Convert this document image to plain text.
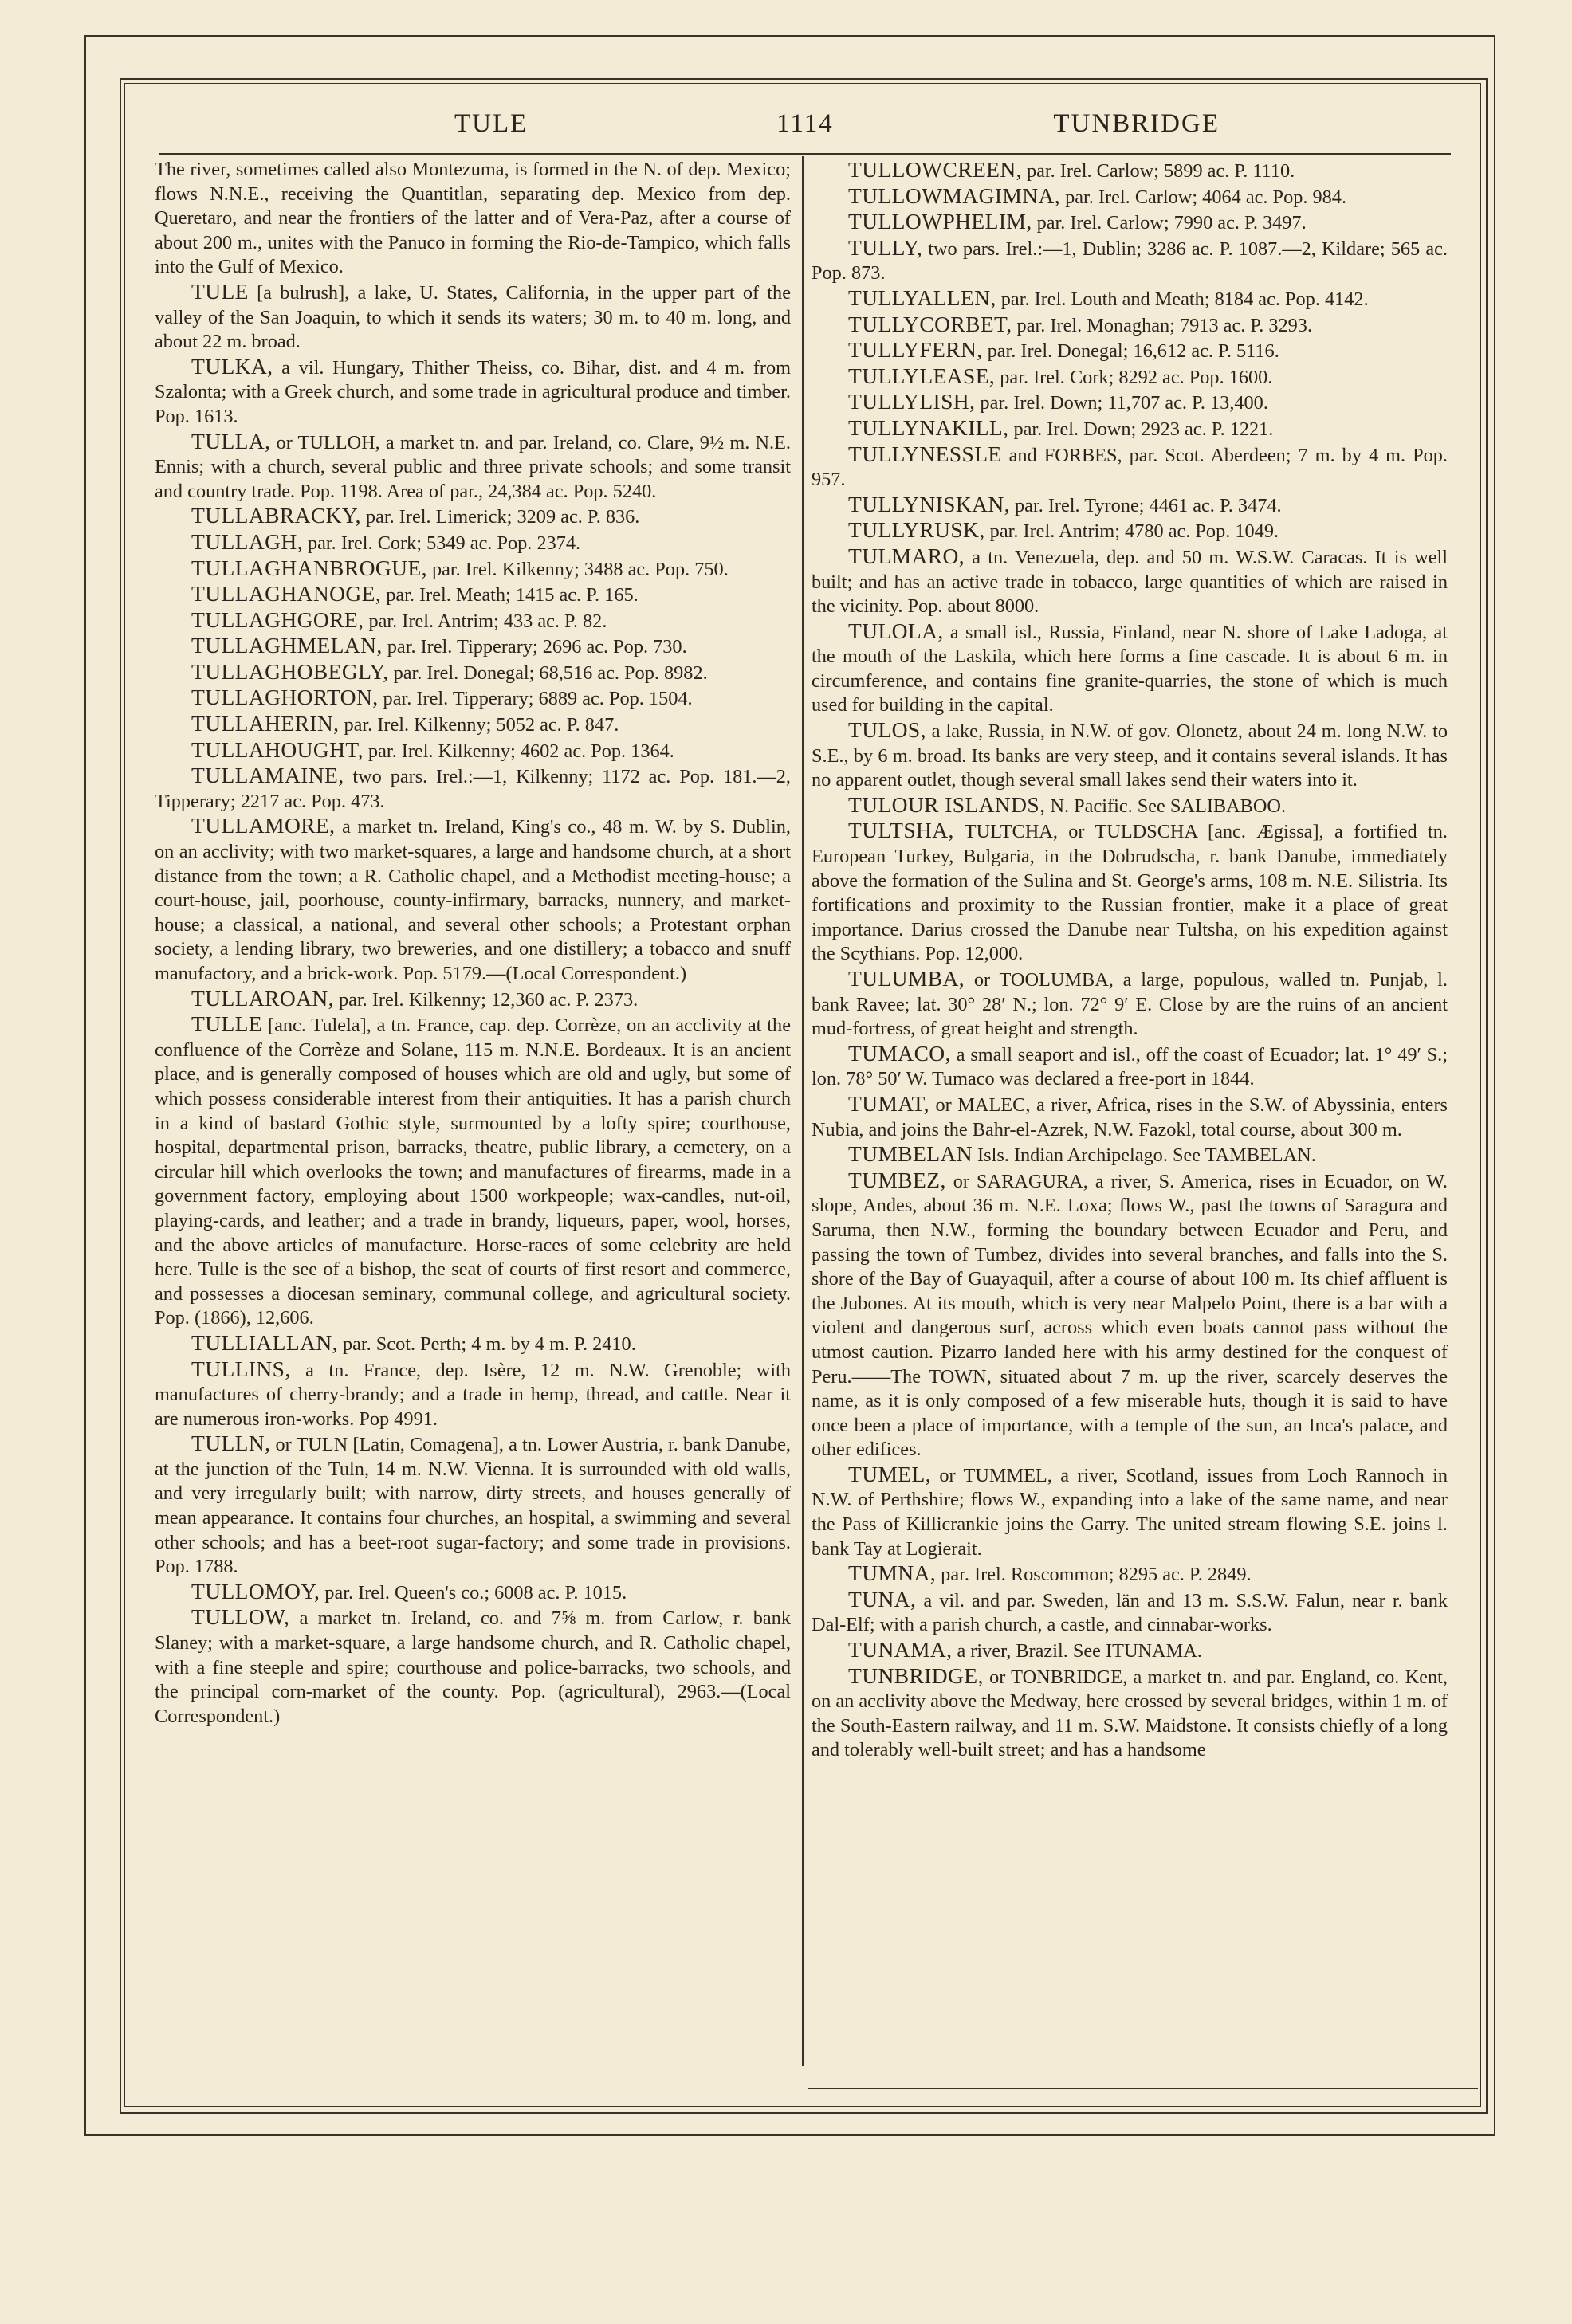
TULE	1114	TUNBRIDGE

The river, sometimes called also Montezuma, is formed in the N. of dep. Mexico; flows N.N.E., receiving the Quantitlan, separating dep. Mexico from dep. Queretaro, and near the frontiers of the latter and of Vera-Paz, after a course of about 200 m., unites with the Panuco in forming the Rio-de-Tampico, which falls into the Gulf of Mexico.

TULE [a bulrush], a lake, U. States, California, in the upper part of the valley of the San Joaquin, to which it sends its waters; 30 m. to 40 m. long, and about 22 m. broad.

TULKA, a vil. Hungary, Thither Theiss, co. Bihar, dist. and 4 m. from Szalonta; with a Greek church, and some trade in agricultural produce and timber. Pop. 1613.

TULLA, or TULLOH, a market tn. and par. Ireland, co. Clare, 9½ m. N.E. Ennis; with a church, several public and three private schools; and some transit and country trade. Pop. 1198. Area of par., 24,384 ac. Pop. 5240.

TULLABRACKY, par. Irel. Limerick; 3209 ac. P. 836.

TULLAGH, par. Irel. Cork; 5349 ac. Pop. 2374.

TULLAGHANBROGUE, par. Irel. Kilkenny; 3488 ac. Pop. 750.

TULLAGHANOGE, par. Irel. Meath; 1415 ac. P. 165.

TULLAGHGORE, par. Irel. Antrim; 433 ac. P. 82.

TULLAGHMELAN, par. Irel. Tipperary; 2696 ac. Pop. 730.

TULLAGHOBEGLY, par. Irel. Donegal; 68,516 ac. Pop. 8982.

TULLAGHORTON, par. Irel. Tipperary; 6889 ac. Pop. 1504.

TULLAHERIN, par. Irel. Kilkenny; 5052 ac. P. 847.

TULLAHOUGHT, par. Irel. Kilkenny; 4602 ac. Pop. 1364.

TULLAMAINE, two pars. Irel.:—1, Kilkenny; 1172 ac. Pop. 181.—2, Tipperary; 2217 ac. Pop. 473.

TULLAMORE, a market tn. Ireland, King's co., 48 m. W. by S. Dublin, on an acclivity; with two market-squares, a large and handsome church, at a short distance from the town; a R. Catholic chapel, and a Methodist meeting-house; a court-house, jail, poorhouse, county-infirmary, barracks, nunnery, and market-house; a classical, a national, and several other schools; a Protestant orphan society, a lending library, two breweries, and one distillery; a tobacco and snuff manufactory, and a brick-work. Pop. 5179.—(Local Correspondent.)

TULLAROAN, par. Irel. Kilkenny; 12,360 ac. P. 2373.

TULLE [anc. Tulela], a tn. France, cap. dep. Corrèze, on an acclivity at the confluence of the Corrèze and Solane, 115 m. N.N.E. Bordeaux. It is an ancient place, and is generally composed of houses which are old and ugly, but some of which possess considerable interest from their antiquities. It has a parish church in a kind of bastard Gothic style, surmounted by a lofty spire; courthouse, hospital, departmental prison, barracks, theatre, public library, a cemetery, on a circular hill which overlooks the town; and manufactures of firearms, made in a government factory, employing about 1500 workpeople; wax-candles, nut-oil, playing-cards, and leather; and a trade in brandy, liqueurs, paper, wool, horses, and the above articles of manufacture. Horse-races of some celebrity are held here. Tulle is the see of a bishop, the seat of courts of first resort and commerce, and possesses a diocesan seminary, communal college, and agricultural society. Pop. (1866), 12,606.

TULLIALLAN, par. Scot. Perth; 4 m. by 4 m. P. 2410.

TULLINS, a tn. France, dep. Isère, 12 m. N.W. Grenoble; with manufactures of cherry-brandy; and a trade in hemp, thread, and cattle. Near it are numerous iron-works. Pop 4991.

TULLN, or TULN [Latin, Comagena], a tn. Lower Austria, r. bank Danube, at the junction of the Tuln, 14 m. N.W. Vienna. It is surrounded with old walls, and very irregularly built; with narrow, dirty streets, and houses generally of mean appearance. It contains four churches, an hospital, a swimming and several other schools; and has a beet-root sugar-factory; and some trade in provisions. Pop. 1788.

TULLOMOY, par. Irel. Queen's co.; 6008 ac. P. 1015.

TULLOW, a market tn. Ireland, co. and 7⅝ m. from Carlow, r. bank Slaney; with a market-square, a large handsome church, and R. Catholic chapel, with a fine steeple and spire; courthouse and police-barracks, two schools, and the principal corn-market of the county. Pop. (agricultural), 2963.—(Local Correspondent.)

TULLOWCREEN, par. Irel. Carlow; 5899 ac. P. 1110.

TULLOWMAGIMNA, par. Irel. Carlow; 4064 ac. Pop. 984.

TULLOWPHELIM, par. Irel. Carlow; 7990 ac. P. 3497.

TULLY, two pars. Irel.:—1, Dublin; 3286 ac. P. 1087.—2, Kildare; 565 ac. Pop. 873.

TULLYALLEN, par. Irel. Louth and Meath; 8184 ac. Pop. 4142.

TULLYCORBET, par. Irel. Monaghan; 7913 ac. P. 3293.

TULLYFERN, par. Irel. Donegal; 16,612 ac. P. 5116.

TULLYLEASE, par. Irel. Cork; 8292 ac. Pop. 1600.

TULLYLISH, par. Irel. Down; 11,707 ac. P. 13,400.

TULLYNAKILL, par. Irel. Down; 2923 ac. P. 1221.

TULLYNESSLE and FORBES, par. Scot. Aberdeen; 7 m. by 4 m. Pop. 957.

TULLYNISKAN, par. Irel. Tyrone; 4461 ac. P. 3474.

TULLYRUSK, par. Irel. Antrim; 4780 ac. Pop. 1049.

TULMARO, a tn. Venezuela, dep. and 50 m. W.S.W. Caracas. It is well built; and has an active trade in tobacco, large quantities of which are raised in the vicinity. Pop. about 8000.

TULOLA, a small isl., Russia, Finland, near N. shore of Lake Ladoga, at the mouth of the Laskila, which here forms a fine cascade. It is about 6 m. in circumference, and contains fine granite-quarries, the stone of which is much used for building in the capital.

TULOS, a lake, Russia, in N.W. of gov. Olonetz, about 24 m. long N.W. to S.E., by 6 m. broad. Its banks are very steep, and it contains several islands. It has no apparent outlet, though several small lakes send their waters into it.

TULOUR ISLANDS, N. Pacific. See SALIBABOO.

TULTSHA, TULTCHA, or TULDSCHA [anc. Ægissa], a fortified tn. European Turkey, Bulgaria, in the Dobrudscha, r. bank Danube, immediately above the formation of the Sulina and St. George's arms, 108 m. N.E. Silistria. Its fortifications and proximity to the Russian frontier, make it a place of great importance. Darius crossed the Danube near Tultsha, on his expedition against the Scythians. Pop. 12,000.

TULUMBA, or TOOLUMBA, a large, populous, walled tn. Punjab, l. bank Ravee; lat. 30° 28′ N.; lon. 72° 9′ E. Close by are the ruins of an ancient mud-fortress, of great height and strength.

TUMACO, a small seaport and isl., off the coast of Ecuador; lat. 1° 49′ S.; lon. 78° 50′ W. Tumaco was declared a free-port in 1844.

TUMAT, or MALEC, a river, Africa, rises in the S.W. of Abyssinia, enters Nubia, and joins the Bahr-el-Azrek, N.W. Fazokl, total course, about 300 m.

TUMBELAN Isls. Indian Archipelago. See TAMBELAN.

TUMBEZ, or SARAGURA, a river, S. America, rises in Ecuador, on W. slope, Andes, about 36 m. N.E. Loxa; flows W., past the towns of Saragura and Saruma, then N.W., forming the boundary between Ecuador and Peru, and passing the town of Tumbez, divides into several branches, and falls into the S. shore of the Bay of Guayaquil, after a course of about 100 m. Its chief affluent is the Jubones. At its mouth, which is very near Malpelo Point, there is a bar with a violent and dangerous surf, across which even boats cannot pass without the utmost caution. Pizarro landed here with his army destined for the conquest of Peru.——The TOWN, situated about 7 m. up the river, scarcely deserves the name, as it is only composed of a few miserable huts, though it is said to have once been a place of importance, with a temple of the sun, an Inca's palace, and other edifices.

TUMEL, or TUMMEL, a river, Scotland, issues from Loch Rannoch in N.W. of Perthshire; flows W., expanding into a lake of the same name, and near the Pass of Killicrankie joins the Garry. The united stream flowing S.E. joins l. bank Tay at Logierait.

TUMNA, par. Irel. Roscommon; 8295 ac. P. 2849.

TUNA, a vil. and par. Sweden, län and 13 m. S.S.W. Falun, near r. bank Dal-Elf; with a parish church, a castle, and cinnabar-works.

TUNAMA, a river, Brazil. See ITUNAMA.

TUNBRIDGE, or TONBRIDGE, a market tn. and par. England, co. Kent, on an acclivity above the Medway, here crossed by several bridges, within 1 m. of the South-Eastern railway, and 11 m. S.W. Maidstone. It consists chiefly of a long and tolerably well-built street; and has a handsome
